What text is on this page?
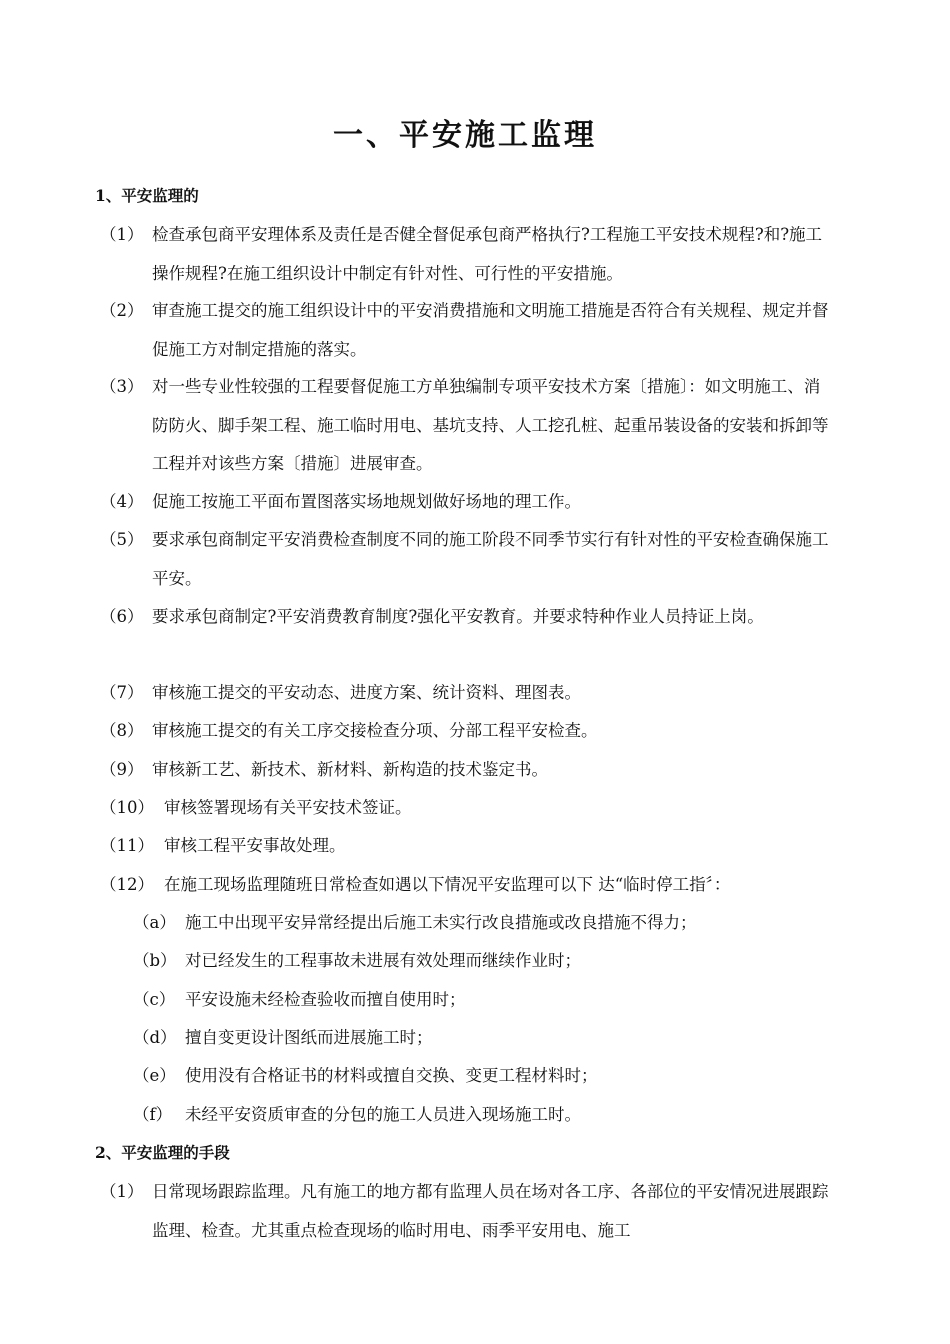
一、平安施工监理
1、平安监理的
（1） 检查承包商平安理体系及责任是否健全督促承包商严格执行?工程施工平安技术规程?和?施工操作规程?在施工组织设计中制定有针对性、可行性的平安措施。
（2） 审查施工提交的施工组织设计中的平安消费措施和文明施工措施是否符合有关规程、规定并督促施工方对制定措施的落实。
（3） 对一些专业性较强的工程要督促施工方单独编制专项平安技术方案〔措施〕：如文明施工、消防防火、脚手架工程、施工临时用电、基坑支持、人工挖孔桩、起重吊装设备的安装和拆卸等工程并对该些方案〔措施〕进展审查。
（4） 促施工按施工平面布置图落实场地规划做好场地的理工作。
（5） 要求承包商制定平安消费检查制度不同的施工阶段不同季节实行有针对性的平安检查确保施工平安。
（6） 要求承包商制定?平安消费教育制度?强化平安教育。并要求特种作业人员持证上岗。
（7） 审核施工提交的平安动态、进度方案、统计资料、理图表。
（8） 审核施工提交的有关工序交接检查分项、分部工程平安检查。
（9） 审核新工艺、新技术、新材料、新构造的技术鉴定书。
（10） 审核签署现场有关平安技术签证。
（11） 审核工程平安事故处理。
（12） 在施工现场监理随班日常检查如遇以下情况平安监理可以下 达“临时停工指〞：
（a） 施工中出现平安异常经提出后施工未实行改良措施或改良措施不得力；
（b） 对已经发生的工程事故未进展有效处理而继续作业时；
（c） 平安设施未经检查验收而擅自使用时；
（d） 擅自变更设计图纸而进展施工时；
（e） 使用没有合格证书的材料或擅自交换、变更工程材料时；
（f） 未经平安资质审查的分包的施工人员进入现场施工时。
2、平安监理的手段
（1） 日常现场跟踪监理。凡有施工的地方都有监理人员在场对各工序、各部位的平安情况进展跟踪监理、检查。尤其重点检查现场的临时用电、雨季平安用电、施工
